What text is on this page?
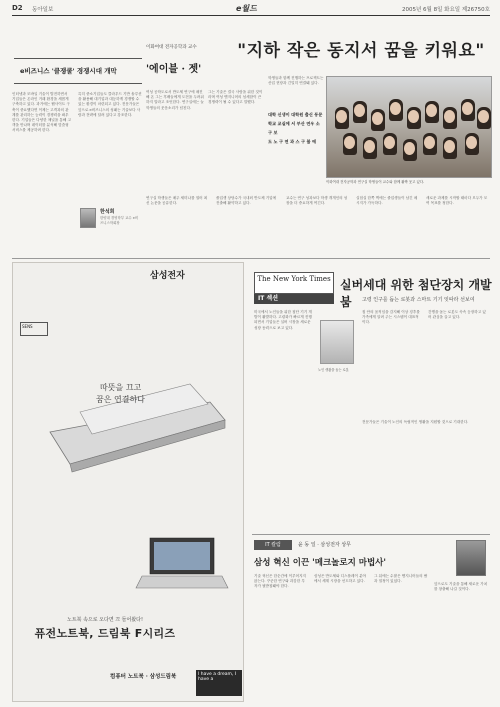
D2 동아일보	e월드	2005년 6월 8일 화요일 제26750호
e비즈니스 '클쟁쿨' 경쟁시대 개막
인터넷과 모바일 기술이 발전하면서 기업들은 온라인 거래 환경을 새롭게 구축하고 있다. 과거에는 웹사이트 구축이 중요했다면 이제는 고객과의 관계를 관리하는 능력이 경쟁력을 좌우한다. 기업들은 다양한 채널을 통해 고객을 만나며 데이터를 분석해 맞춤형 서비스를 제공하려 한다.
특히 중소기업들도 클라우드 기반 솔루션을 활용해 대기업과 대등하게 경쟁할 수 있는 환경이 마련되고 있다. 전문가들은 앞으로 e비즈니스의 성패는 기술보다 사람과 전략에 달려 있다고 강조한다.
한석희
한양대 경영학부 교수 e비즈니스학회장
이화여대 전자공학과 교수
'에이블 · 젯'
여성 공학도로서 반도체 연구에 매진해 온 그는 후배들에게 도전을 두려워하지 말라고 조언한다. 연구실에는 늘 학생들의 웃음소리가 넘친다.
그는 기술은 결국 사람을 위한 것이라며 여성 엔지니어의 섬세함이 큰 경쟁력이 될 수 있다고 말했다.
"지하 작은 동지서 꿈을 키워요"
학생들과 함께 진행하는 프로젝트는 산업 현장과 긴밀히 연결돼 있다.
대학 신생이 대학원 출신 동문
학교 교실에 서 부산 연우 소 구 보
도 노 구 연 과 스 구 불 에
이화여대 전자공학과 연구실 학생들이 교수와 함께 활짝 웃고 있다.
연구실 학생들은 매주 세미나를 열어 최신 논문을 공유한다.
졸업생 상당수가 국내외 반도체 기업에 진출해 활약하고 있다.
교수는 연구 성과보다 학생 개개인의 성장을 더 중요하게 여긴다.
실험실 한쪽 벽에는 졸업생들이 남긴 메시지가 가득하다.
새로운 과제를 시작할 때마다 모두가 모여 목표를 정한다.
삼성전자
SENS
따뜻을 끄고
꿈은 연결하다
노트북 속으로 오다면 끄 들어왔다!
퓨전노트북, 드림북 F시리즈
컴퓨터 노트북 · 삼성드림북	I have a dream, I have a
The New York Times
IT 섹션
실버세대 위한 첨단장치 개발 붐	고령 인구를 돕는 로봇과 스마트 기기 잇따라 선보여
미국에서 노인들을 위한 첨단 기기 개발이 활발하다. 고령화가 빠르게 진행되면서 기업들은 실버 시장을 새로운 성장 동력으로 보고 있다.
노인 생활을 돕는 로봇
집 안의 움직임을 감지해 이상 징후를 가족에게 알려 주는 시스템이 대표적이다.
간병을 돕는 로봇도 속속 등장하고 있어 관심을 끌고 있다.
전문가들은 기술이 노인의 독립적인 생활을 지원할 것으로 기대한다.
IT 칼럼	윤 동 일 · 삼성전자 상무
삼성 혁신 이끈 '메크놀로지 마법사'
기술 혁신은 한순간에 이루어지지 않는다. 꾸준한 연구와 과감한 투자가 뒷받침돼야 한다.
삼성은 반도체와 디스플레이 분야에서 세계 시장을 선도하고 있다.
그 뒤에는 수많은 엔지니어들의 땀과 열정이 있었다.
앞으로도 기술을 통해 새로운 가치를 창출해 나갈 것이다.
